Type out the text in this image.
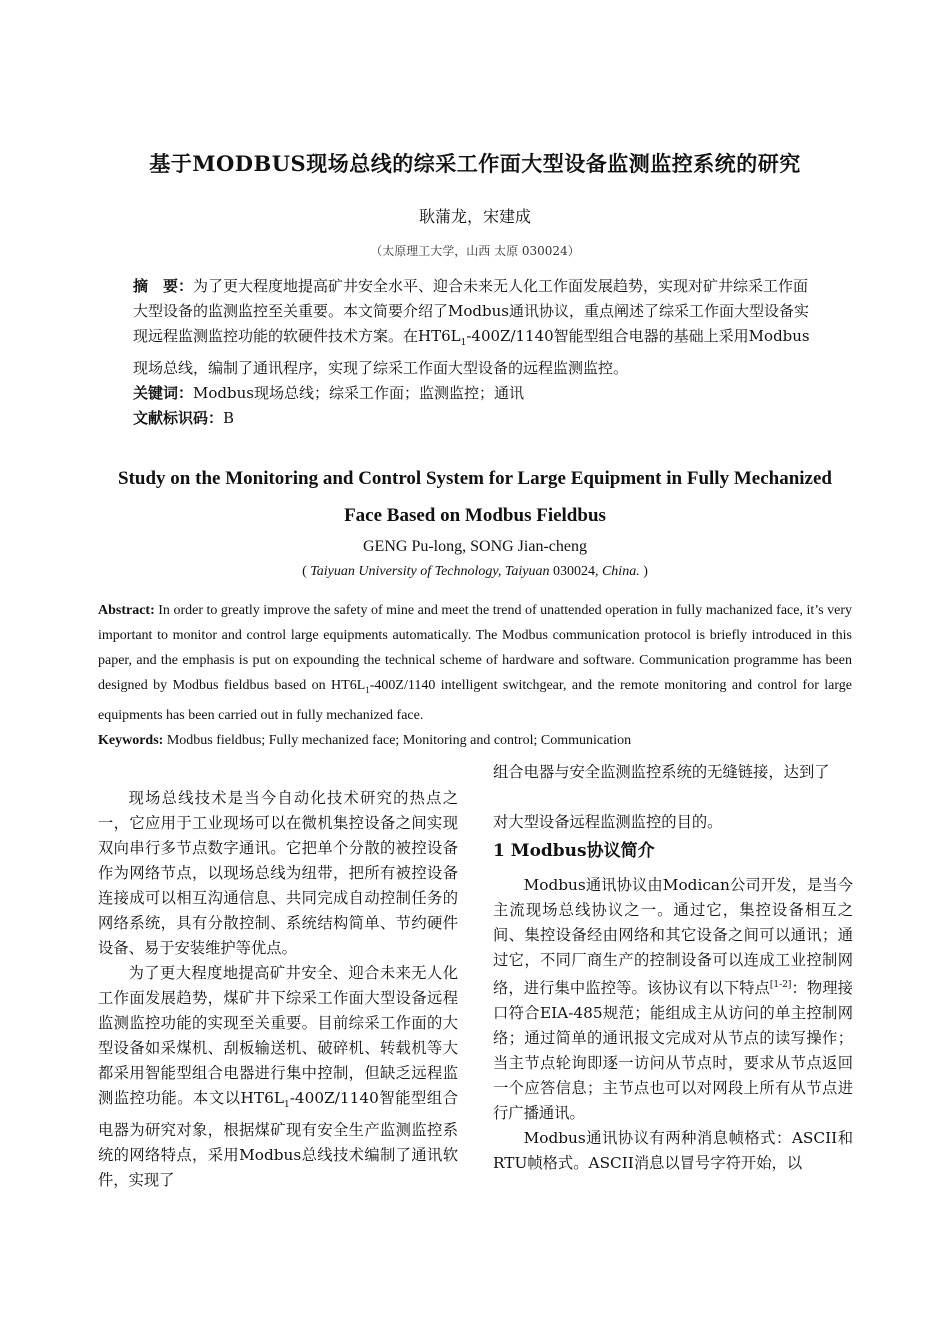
基于MODBUS现场总线的综采工作面大型设备监测监控系统的研究
耿蒲龙，宋建成
（太原理工大学，山西 太原 030024）

摘　要：为了更大程度地提高矿井安全水平、迎合未来无人化工作面发展趋势，实现对矿井综采工作面大型设备的监测监控至关重要。本文简要介绍了Modbus通讯协议，重点阐述了综采工作面大型设备实现远程监测监控功能的软硬件技术方案。在$HT6L_1-400Z/1140$智能型组合电器的基础上采用Modbus现场总线，编制了通讯程序，实现了综采工作面大型设备的远程监测监控。

关键词：Modbus现场总线；综采工作面；监测监控；通讯

文献标识码：B

Study on the Monitoring and Control System for Large Equipment in Fully Mechanized Face Based on Modbus Fieldbus
GENG Pu-long, SONG Jian-cheng
( Taiyuan University of Technology, Taiyuan 030024, China. )

Abstract: In order to greatly improve the safety of mine and meet the trend of unattended operation in fully machanized face, it’s very important to monitor and control large equipments automatically. The Modbus communication protocol is briefly introduced in this paper, and the emphasis is put on expounding the technical scheme of hardware and software. Communication programme has been designed by Modbus fieldbus based on $HT6L_1-400Z/1140$ intelligent switchgear, and the remote monitoring and control for large equipments has been carried out in fully mechanized face.

Keywords: Modbus fieldbus; Fully mechanized face; Monitoring and control; Communication

现场总线技术是当今自动化技术研究的热点之一，它应用于工业现场可以在微机集控设备之间实现双向串行多节点数字通讯。它把单个分散的被控设备作为网络节点，以现场总线为纽带，把所有被控设备连接成可以相互沟通信息、共同完成自动控制任务的网络系统，具有分散控制、系统结构简单、节约硬件设备、易于安装维护等优点。

为了更大程度地提高矿井安全、迎合未来无人化工作面发展趋势，煤矿井下综采工作面大型设备远程监测监控功能的实现至关重要。目前综采工作面的大型设备如采煤机、刮板输送机、破碎机、转载机等大都采用智能型组合电器进行集中控制，但缺乏远程监测监控功能。本文以$HT6L_1-400Z/1140$智能型组合电器为研究对象，根据煤矿现有安全生产监测监控系统的网络特点，采用Modbus总线技术编制了通讯软件，实现了

组合电器与安全监测监控系统的无缝链接，达到了

对大型设备远程监测监控的目的。

1 Modbus协议简介

Modbus通讯协议由Modican公司开发，是当今主流现场总线协议之一。通过它，集控设备相互之间、集控设备经由网络和其它设备之间可以通讯；通过它，不同厂商生产的控制设备可以连成工业控制网络，进行集中监控等。该协议有以下特点[1-2]：物理接口符合EIA-485规范；能组成主从访问的单主控制网络；通过简单的通讯报文完成对从节点的读写操作；当主节点轮询即逐一访问从节点时，要求从节点返回一个应答信息；主节点也可以对网段上所有从节点进行广播通讯。

Modbus通讯协议有两种消息帧格式：ASCII和RTU帧格式。ASCII消息以冒号字符开始，以
